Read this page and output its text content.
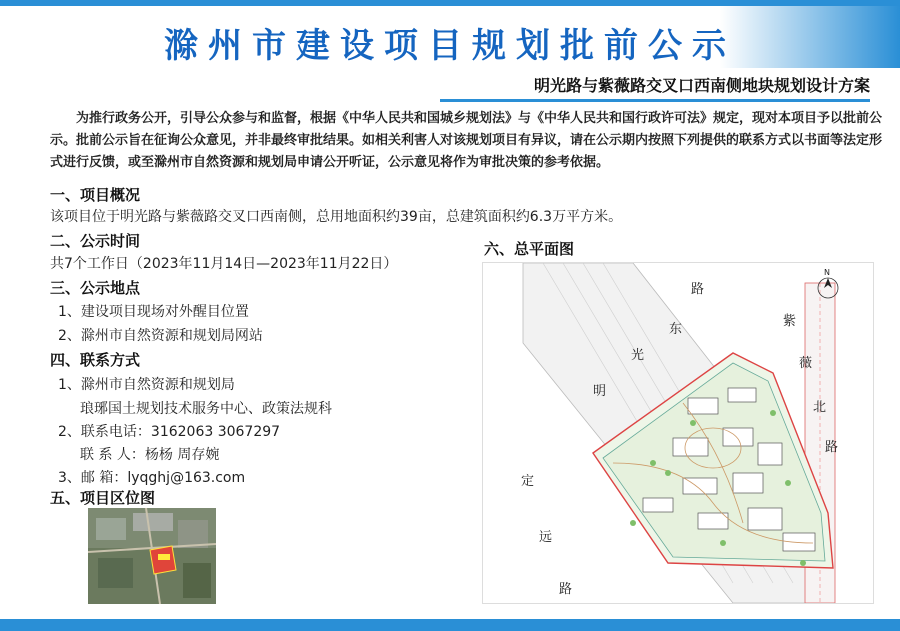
滁州市建设项目规划批前公示
明光路与紫薇路交叉口西南侧地块规划设计方案

为推行政务公开，引导公众参与和监督，根据《中华人民共和国城乡规划法》与《中华人民共和国行政许可法》规定，现对本项目予以批前公示。批前公示旨在征询公众意见，并非最终审批结果。如相关利害人对该规划项目有异议，请在公示期内按照下列提供的联系方式以书面等法定形式进行反馈，或至滁州市自然资源和规划局申请公开听证，公示意见将作为审批决策的参考依据。

一、项目概况
该项目位于明光路与紫薇路交叉口西南侧，总用地面积约39亩，总建筑面积约6.3万平方米。
二、公示时间
共7个工作日（2023年11月14日—2023年11月22日）
三、公示地点
1、建设项目现场对外醒目位置
2、滁州市自然资源和规划局网站
四、联系方式
1、滁州市自然资源和规划局
琅琊国土规划技术服务中心、政策法规科
2、联系电话：3162063 3067297
联 系 人：杨杨 周存婉
3、邮 箱：lyqghj@163.com
五、项目区位图
六、总平面图
路
东
光
明
紫
薇
北
路
定
远
路
N
